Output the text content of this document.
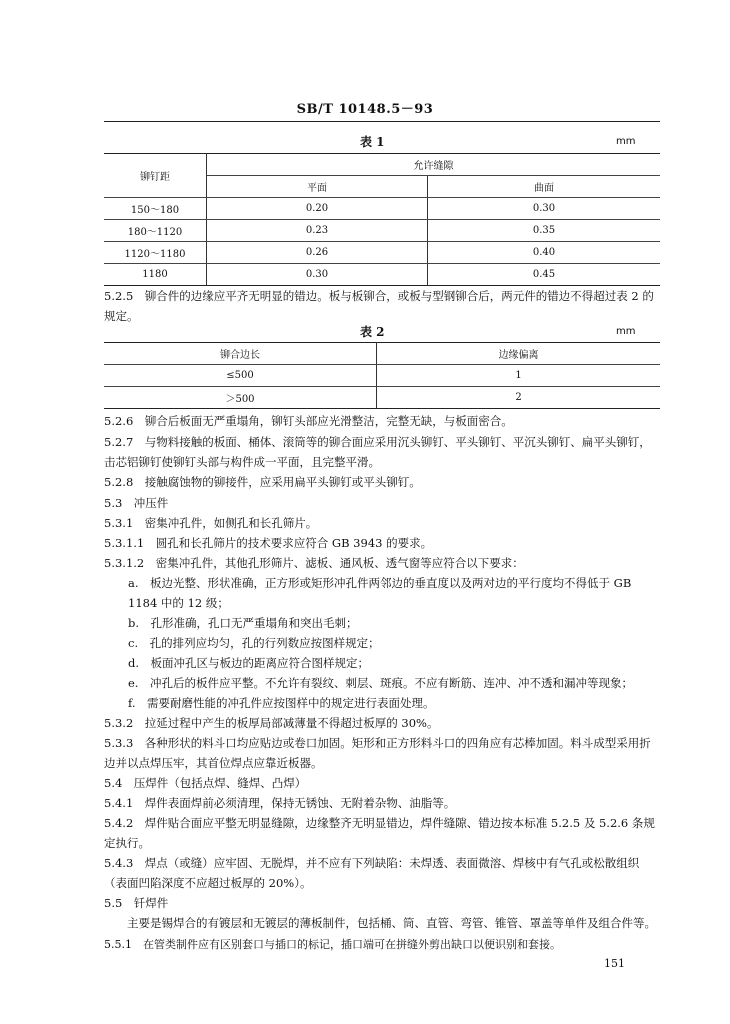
SB/T 10148.5－93
表 1	mm
铆钉距	允许缝隙	
	平面	曲面
150～180	0.20	0.30
180～1120	0.23	0.35
1120～1180	0.26	0.40
1180	0.30	0.45
5.2.5　铆合件的边缘应平齐无明显的错边。板与板铆合，或板与型钢铆合后，两元件的错边不得超过表 2 的规定。
表 2	mm
铆合边长	边缘偏离
≤500	1
＞500	2
5.2.6　铆合后板面无严重塌角，铆钉头部应光滑整洁，完整无缺，与板面密合。
5.2.7　与物料接触的板面、桶体、滚筒等的铆合面应采用沉头铆钉、平头铆钉、平沉头铆钉、扁平头铆钉，击芯铝铆钉使铆钉头部与构件成一平面，且完整平滑。
5.2.8　接触腐蚀物的铆接件，应采用扁平头铆钉或平头铆钉。
5.3　冲压件
5.3.1　密集冲孔件，如侧孔和长孔筛片。
5.3.1.1　圆孔和长孔筛片的技术要求应符合 GB 3943 的要求。
5.3.1.2　密集冲孔件，其他孔形筛片、滤板、通风板、透气窗等应符合以下要求：
a.　板边光整、形状准确，正方形或矩形冲孔件两邻边的垂直度以及两对边的平行度均不得低于 GB 1184 中的 12 级；
b.　孔形准确，孔口无严重塌角和突出毛刺；
c.　孔的排列应均匀，孔的行列数应按图样规定；
d.　板面冲孔区与板边的距离应符合图样规定；
e.　冲孔后的板件应平整。不允许有裂纹、刺层、斑痕。不应有断筋、连冲、冲不透和漏冲等现象；
f.　需要耐磨性能的冲孔件应按图样中的规定进行表面处理。
5.3.2　拉延过程中产生的板厚局部减薄量不得超过板厚的 30%。
5.3.3　各种形状的料斗口均应贴边或卷口加固。矩形和正方形料斗口的四角应有芯棒加固。料斗成型采用折边并以点焊压牢，其首位焊点应靠近板器。
5.4　压焊件（包括点焊、缝焊、凸焊）
5.4.1　焊件表面焊前必须清理，保持无锈蚀、无附着杂物、油脂等。
5.4.2　焊件贴合面应平整无明显缝隙，边缘整齐无明显错边，焊件缝隙、错边按本标准 5.2.5 及 5.2.6 条规定执行。
5.4.3　焊点（或缝）应牢固、无脱焊，并不应有下列缺陷：未焊透、表面微溶、焊核中有气孔或松散组织（表面凹陷深度不应超过板厚的 20%）。
5.5　钎焊件
主要是锡焊合的有镀层和无镀层的薄板制件，包括桶、筒、直管、弯管、锥管、罩盖等单件及组合件等。
5.5.1　在管类制件应有区别套口与插口的标记，插口端可在拼缝外剪出缺口以便识别和套接。
151
